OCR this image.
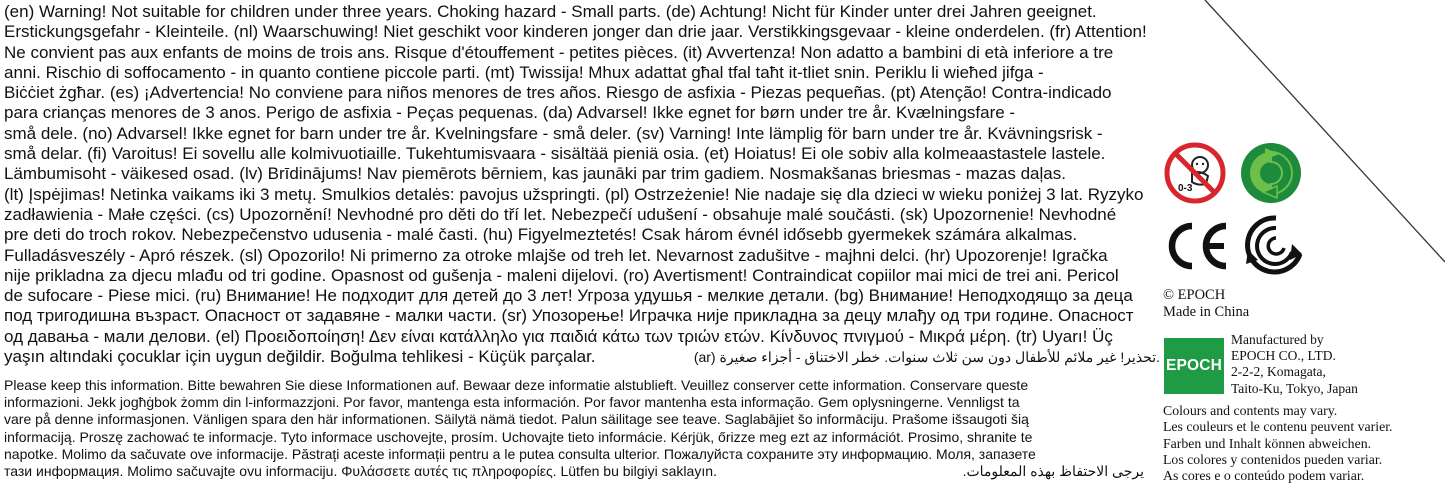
(en) Warning! Not suitable for children under three years. Choking hazard - Small parts. (de) Achtung! Nicht für Kinder unter drei Jahren geeignet.
Erstickungsgefahr - Kleinteile. (nl) Waarschuwing! Niet geschikt voor kinderen jonger dan drie jaar. Verstikkingsgevaar - kleine onderdelen. (fr) Attention!
Ne convient pas aux enfants de moins de trois ans. Risque d'étouffement - petites pièces. (it) Avvertenza! Non adatto a bambini di età inferiore a tre
anni. Rischio di soffocamento - in quanto contiene piccole parti. (mt) Twissija! Mhux adattat għal tfal taħt it-tliet snin. Periklu li wieħed jifga -
Biċċiet żgħar. (es) ¡Advertencia! No conviene para niños menores de tres años. Riesgo de asfixia - Piezas pequeñas. (pt) Atenção! Contra-indicado
para crianças menores de 3 anos. Perigo de asfixia - Peças pequenas. (da) Advarsel! Ikke egnet for børn under tre år. Kvælningsfare -
små dele. (no) Advarsel! Ikke egnet for barn under tre år. Kvelningsfare - små deler. (sv) Varning! Inte lämplig för barn under tre år. Kvävningsrisk -
små delar. (fi) Varoitus! Ei sovellu alle kolmivuotiaille. Tukehtumisvaara - sisältää pieniä osia. (et) Hoiatus! Ei ole sobiv alla kolmeaastastele lastele.
Lämbumisoht - väikesed osad. (lv) Brīdinājums! Nav piemērots bērniem, kas jaunāki par trim gadiem. Nosmakšanas briesmas - mazas daļas.
(lt) Įspėjimas! Netinka vaikams iki 3 metų. Smulkios detalės: pavojus užspringti. (pl) Ostrzeżenie! Nie nadaje się dla dzieci w wieku poniżej 3 lat. Ryzyko
zadławienia - Małe części. (cs) Upozornění! Nevhodné pro děti do tří let. Nebezpečí udušení - obsahuje malé součásti. (sk) Upozornenie! Nevhodné
pre deti do troch rokov. Nebezpečenstvo udusenia - malé časti. (hu) Figyelmeztetés! Csak három évnél idősebb gyermekek számára alkalmas.
Fulladásveszély - Apró részek. (sl) Opozorilo! Ni primerno za otroke mlajše od treh let. Nevarnost zadušitve - majhni delci. (hr) Upozorenje! Igračka
nije prikladna za djecu mlađu od tri godine. Opasnost od gušenja - maleni dijelovi. (ro) Avertisment! Contraindicat copiilor mai mici de trei ani. Pericol
de sufocare - Piese mici. (ru) Внимание! Не подходит для детей до 3 лет! Угроза удушья - мелкие детали. (bg) Внимание! Неподходящо за деца
под тригодишна възраст. Опасност от задавяне - малки части. (sr) Упозорење! Играчка није прикладна за децу млађу од три године. Опасност
од давања - мали делови. (el) Προειδοποίηση! Δεν είναι κατάλληλο για παιδιά κάτω των τριών ετών. Κίνδυνος πνιγμού - Μικρά μέρη. (tr) Uyarı! Üç
yaşın altındaki çocuklar için uygun değildir. Boğulma tehlikesi - Küçük parçalar.	(ar) تحذير! غير ملائم للأطفال دون سن ثلاث سنوات. خطر الاختناق - أجزاء صغيرة.
Please keep this information. Bitte bewahren Sie diese Informationen auf. Bewaar deze informatie alstublieft. Veuillez conserver cette information. Conservare queste
informazioni. Jekk jogħġbok żomm din l-informazzjoni. Por favor, mantenga esta información. Por favor mantenha esta informação. Gem oplysningerne. Vennligst ta
vare på denne informasjonen. Vänligen spara den här informationen. Säilytä nämä tiedot. Palun säilitage see teave. Saglabājiet šo informāciju. Prašome išsaugoti šią
informaciją. Proszę zachować te informacje. Tyto informace uschovejte, prosím. Uchovajte tieto informácie. Kérjük, őrizze meg ezt az információt. Prosimo, shranite te
napotke. Molimo da sačuvate ove informacije. Păstrați aceste informații pentru a le putea consulta ulterior. Пожалуйста сохраните эту информацию. Моля, запазете
тази информация. Molimo sačuvajte ovu informaciju. Φυλάσσετε αυτές τις πληροφορίες. Lütfen bu bilgiyi saklayın.	يرجى الاحتفاظ بهذه المعلومات.
0-3
CE
© EPOCH
Made in China
EPOCH
Manufactured by
EPOCH CO., LTD.
2-2-2, Komagata,
Taito-Ku, Tokyo, Japan
Colours and contents may vary.
Les couleurs et le contenu peuvent varier.
Farben und Inhalt können abweichen.
Los colores y contenidos pueden variar.
As cores e o conteúdo podem variar.
